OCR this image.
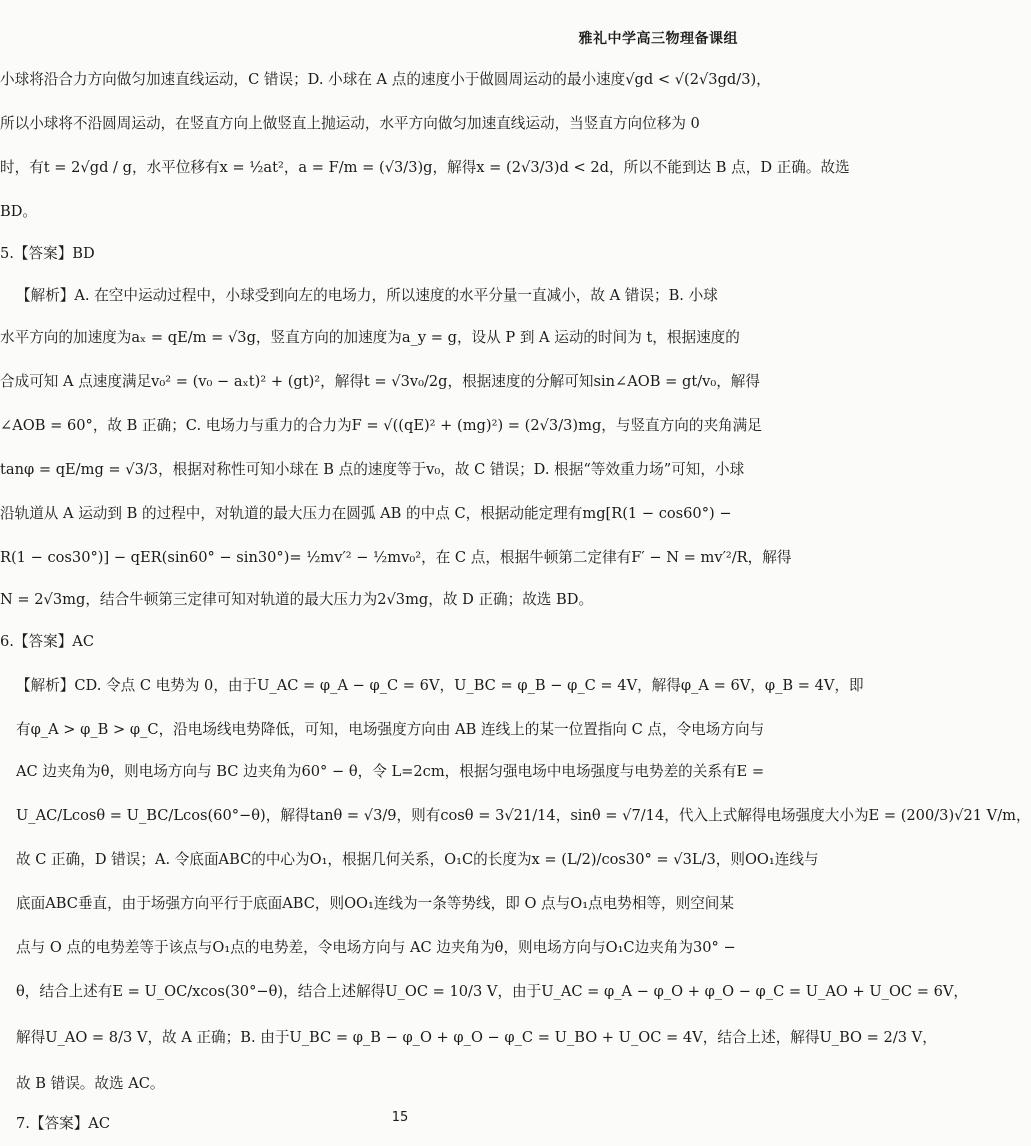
雅礼中学高三物理备课组
小球将沿合力方向做匀加速直线运动，C 错误；D. 小球在 A 点的速度小于做圆周运动的最小速度√gd < √(2√3gd/3)，
所以小球将不沿圆周运动，在竖直方向上做竖直上抛运动，水平方向做匀加速直线运动，当竖直方向位移为 0
时，有t = 2√gd / g，水平位移有x = ½at²，a = F/m = (√3/3)g，解得x = (2√3/3)d < 2d，所以不能到达 B 点，D 正确。故选
BD。
5.【答案】BD
【解析】A. 在空中运动过程中，小球受到向左的电场力，所以速度的水平分量一直减小，故 A 错误；B. 小球
水平方向的加速度为aₓ = qE/m = √3g，竖直方向的加速度为a_y = g，设从 P 到 A 运动的时间为 t，根据速度的
合成可知 A 点速度满足v₀² = (v₀ − aₓt)² + (gt)²，解得t = √3v₀/2g，根据速度的分解可知sin∠AOB = gt/v₀，解得
∠AOB = 60°，故 B 正确；C. 电场力与重力的合力为F = √((qE)² + (mg)²) = (2√3/3)mg，与竖直方向的夹角满足
tanφ = qE/mg = √3/3，根据对称性可知小球在 B 点的速度等于v₀，故 C 错误；D. 根据“等效重力场”可知，小球
沿轨道从 A 运动到 B 的过程中，对轨道的最大压力在圆弧 AB 的中点 C，根据动能定理有mg[R(1 − cos60°) −
R(1 − cos30°)] − qER(sin60° − sin30°)= ½mv′² − ½mv₀²，在 C 点，根据牛顿第二定律有F′ − N = mv′²/R，解得
N = 2√3mg，结合牛顿第三定律可知对轨道的最大压力为2√3mg，故 D 正确；故选 BD。
6.【答案】AC
【解析】CD. 令点 C 电势为 0，由于U_AC = φ_A − φ_C = 6V，U_BC = φ_B − φ_C = 4V，解得φ_A = 6V，φ_B = 4V，即
有φ_A > φ_B > φ_C，沿电场线电势降低，可知，电场强度方向由 AB 连线上的某一位置指向 C 点，令电场方向与
AC 边夹角为θ，则电场方向与 BC 边夹角为60° − θ，令 L=2cm，根据匀强电场中电场强度与电势差的关系有E =
U_AC/Lcosθ = U_BC/Lcos(60°−θ)，解得tanθ = √3/9，则有cosθ = 3√21/14，sinθ = √7/14，代入上式解得电场强度大小为E = (200/3)√21 V/m，
故 C 正确，D 错误；A. 令底面ABC的中心为O₁，根据几何关系，O₁C的长度为x = (L/2)/cos30° = √3L/3，则OO₁连线与
底面ABC垂直，由于场强方向平行于底面ABC，则OO₁连线为一条等势线，即 O 点与O₁点电势相等，则空间某
点与 O 点的电势差等于该点与O₁点的电势差，令电场方向与 AC 边夹角为θ，则电场方向与O₁C边夹角为30° −
θ，结合上述有E = U_OC/xcos(30°−θ)，结合上述解得U_OC = 10/3 V，由于U_AC = φ_A − φ_O + φ_O − φ_C = U_AO + U_OC = 6V，
解得U_AO = 8/3 V，故 A 正确；B. 由于U_BC = φ_B − φ_O + φ_O − φ_C = U_BO + U_OC = 4V，结合上述，解得U_BO = 2/3 V，
故 B 错误。故选 AC。
7.【答案】AC	15
